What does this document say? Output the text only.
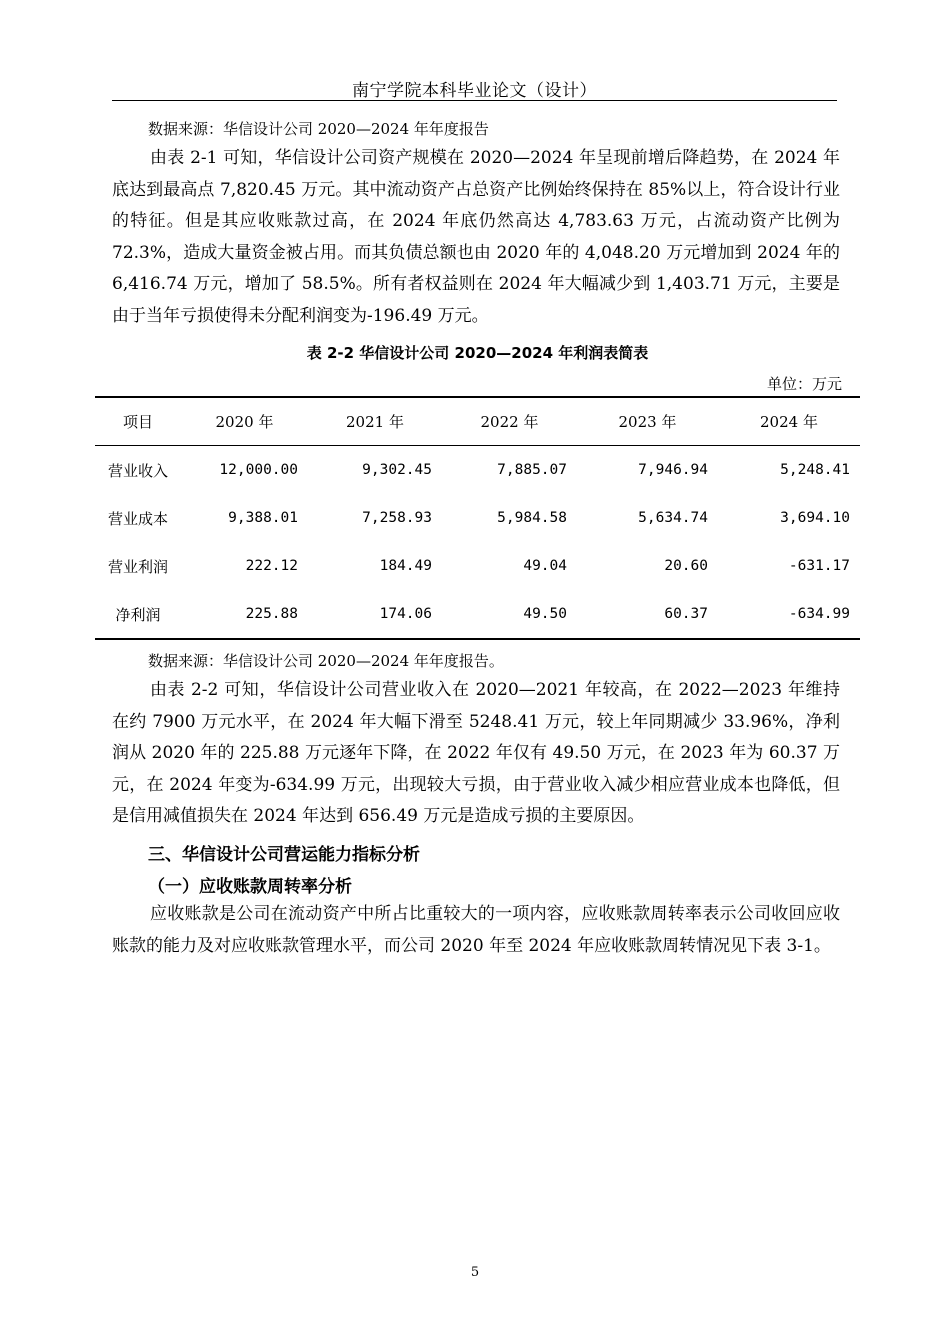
南宁学院本科毕业论文（设计）
数据来源：华信设计公司 2020—2024 年年度报告
由表 2-1 可知，华信设计公司资产规模在 2020—2024 年呈现前增后降趋势，在 2024 年底达到最高点 7,820.45 万元。其中流动资产占总资产比例始终保持在 85%以上，符合设计行业的特征。但是其应收账款过高，在 2024 年底仍然高达 4,783.63 万元，占流动资产比例为 72.3%，造成大量资金被占用。而其负债总额也由 2020 年的 4,048.20 万元增加到 2024 年的 6,416.74 万元，增加了 58.5%。所有者权益则在 2024 年大幅减少到 1,403.71 万元，主要是由于当年亏损使得未分配利润变为-196.49 万元。
表 2-2 华信设计公司 2020—2024 年利润表简表
单位：万元
项目	2020 年	2021 年	2022 年	2023 年	2024 年
营业收入	12,000.00	9,302.45	7,885.07	7,946.94	5,248.41
营业成本	9,388.01	7,258.93	5,984.58	5,634.74	3,694.10
营业利润	222.12	184.49	49.04	20.60	-631.17
净利润	225.88	174.06	49.50	60.37	-634.99
数据来源：华信设计公司 2020—2024 年年度报告。
由表 2-2 可知，华信设计公司营业收入在 2020—2021 年较高，在 2022—2023 年维持在约 7900 万元水平，在 2024 年大幅下滑至 5248.41 万元，较上年同期减少 33.96%，净利润从 2020 年的 225.88 万元逐年下降，在 2022 年仅有 49.50 万元，在 2023 年为 60.37 万元，在 2024 年变为-634.99 万元，出现较大亏损，由于营业收入减少相应营业成本也降低，但是信用减值损失在 2024 年达到 656.49 万元是造成亏损的主要原因。
三、华信设计公司营运能力指标分析
（一）应收账款周转率分析
应收账款是公司在流动资产中所占比重较大的一项内容，应收账款周转率表示公司收回应收账款的能力及对应收账款管理水平，而公司 2020 年至 2024 年应收账款周转情况见下表 3-1。
5
